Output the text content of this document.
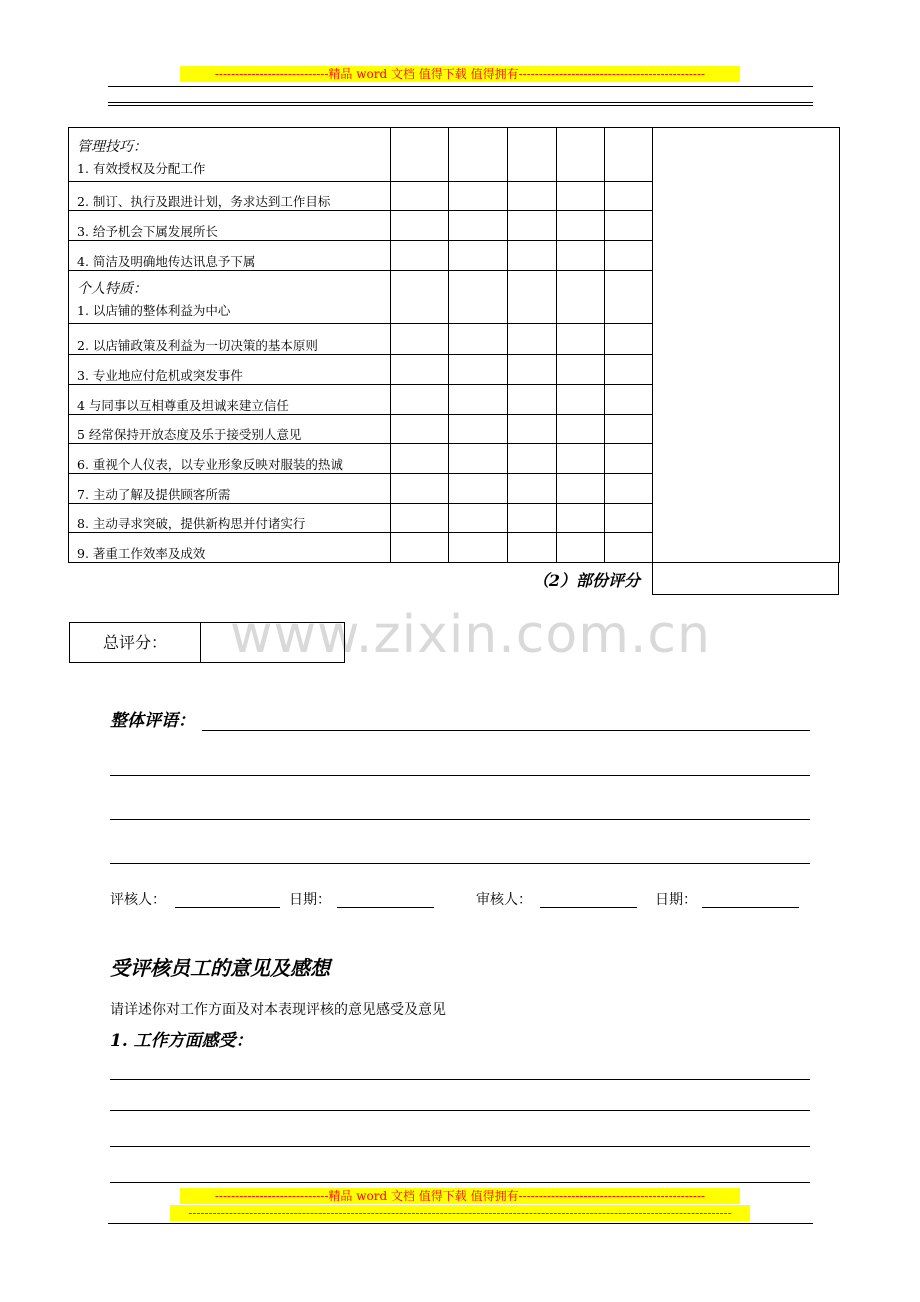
----------------------------精品 word 文档 值得下载 值得拥有----------------------------------------------
管理技巧：
1. 有效授权及分配工作						

2. 制订、执行及跟进计划，务求达到工作目标						
3. 给予机会下属发展所长						
4. 简洁及明确地传达讯息予下属						

个人特质：
1. 以店铺的整体利益为中心						

2. 以店铺政策及利益为一切决策的基本原则						
3. 专业地应付危机或突发事件						
4 与同事以互相尊重及坦诚来建立信任						
5 经常保持开放态度及乐于接受别人意见						
6. 重视个人仪表，以专业形象反映对服装的热诚						
7. 主动了解及提供顾客所需						
8. 主动寻求突破，提供新构思并付诸实行						
9. 著重工作效率及成效						
（2）部份评分
www.zixin.com.cn
总评分：
整体评语：
评核人：	日期：	审核人：	日期：
受评核员工的意见及感想
请详述你对工作方面及对本表现评核的意见感受及意见
1. 工作方面感受：
----------------------------精品 word 文档 值得下载 值得拥有----------------------------------------------
--------------------------------------------------------------------------------------------------------------------------------------
